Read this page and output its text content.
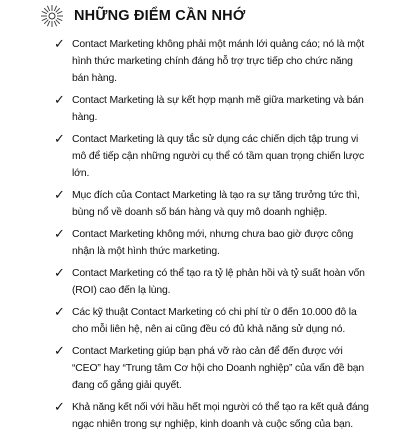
NHỮNG ĐIỂM CẦN NHỚ
✓ Contact Marketing không phải một mánh lới quảng cáo; nó là một hình thức marketing chính đáng hỗ trợ trực tiếp cho chức năng bán hàng.
✓ Contact Marketing là sự kết hợp mạnh mẽ giữa marketing và bán hàng.
✓ Contact Marketing là quy tắc sử dụng các chiến dịch tập trung vi mô để tiếp cận những người cụ thể có tầm quan trọng chiến lược lớn.
✓ Mục đích của Contact Marketing là tạo ra sự tăng trưởng tức thì, bùng nổ về doanh số bán hàng và quy mô doanh nghiệp.
✓ Contact Marketing không mới, nhưng chưa bao giờ được công nhận là một hình thức marketing.
✓ Contact Marketing có thể tạo ra tỷ lệ phản hồi và tỷ suất hoàn vốn (ROI) cao đến lạ lùng.
✓ Các kỹ thuật Contact Marketing có chi phí từ 0 đến 10.000 đô la cho mỗi liên hệ, nên ai cũng đều có đủ khả năng sử dụng nó.
✓ Contact Marketing giúp bạn phá vỡ rào cản để đến được với “CEO” hay “Trung tâm Cơ hội cho Doanh nghiệp” của vấn đề bạn đang cố gắng giải quyết.
✓ Khả năng kết nối với hầu hết mọi người có thể tạo ra kết quả đáng ngạc nhiên trong sự nghiệp, kinh doanh và cuộc sống của bạn.
